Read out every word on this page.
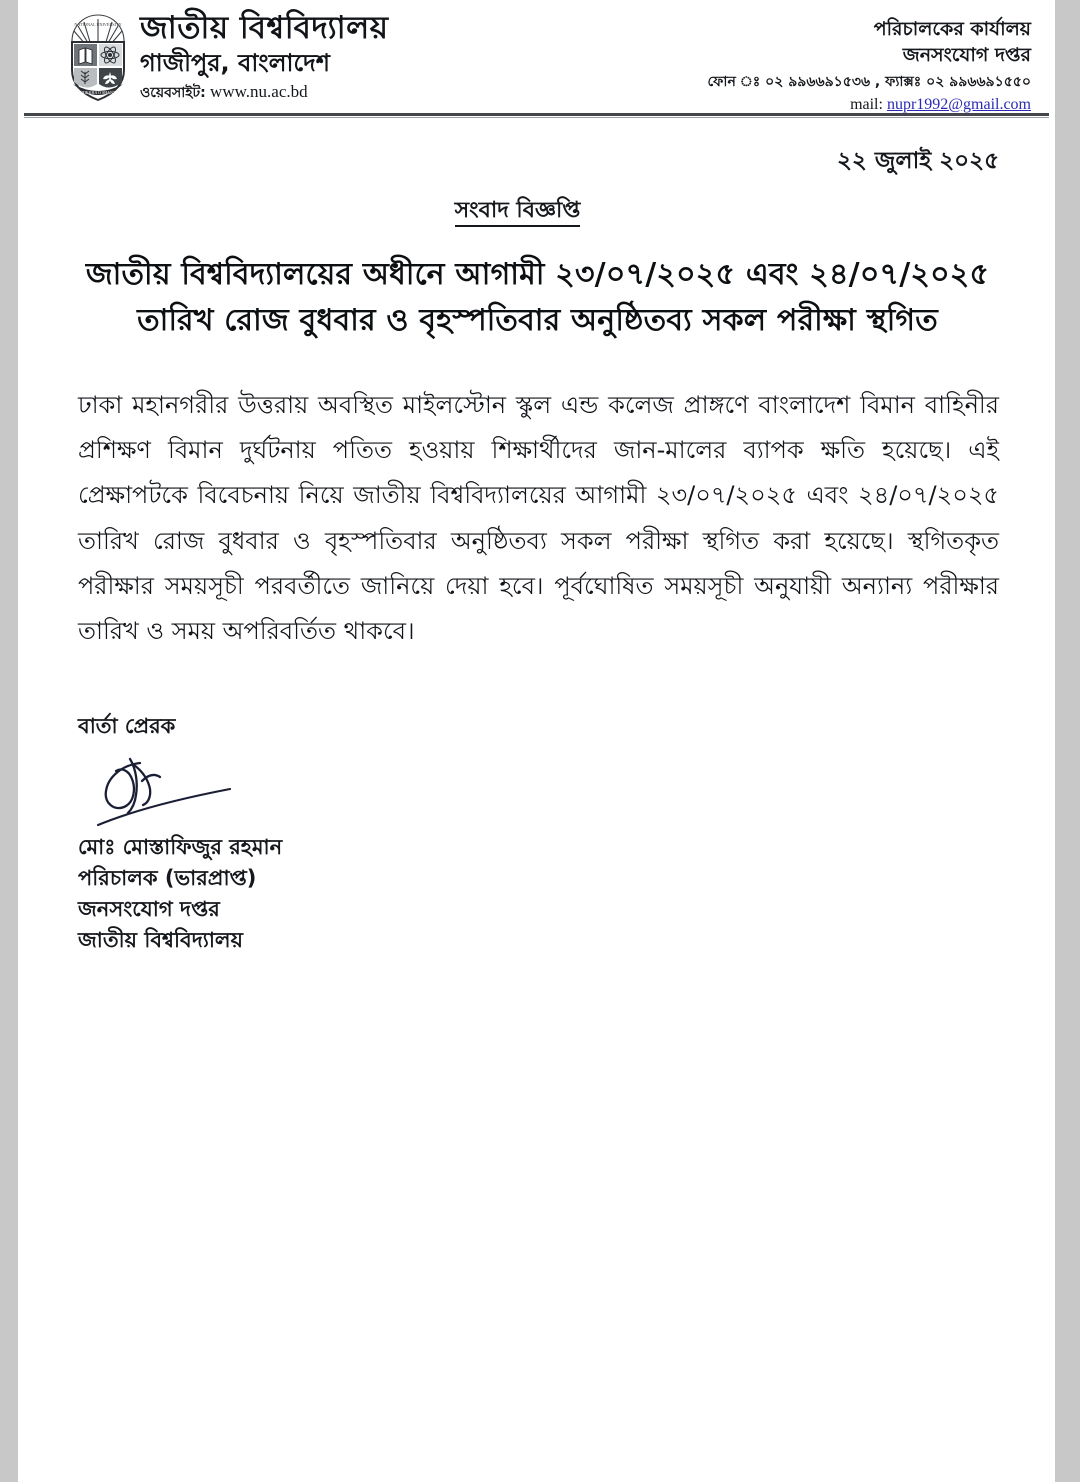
NATIONAL UNIVERSITY
SHIKKHA O SHANTI
জাতীয় বিশ্ববিদ্যালয়
গাজীপুর, বাংলাদেশ
ওয়েবসাইট: www.nu.ac.bd
পরিচালকের কার্যালয়
জনসংযোগ দপ্তর
ফোন ঃ ০২ ৯৯৬৬৯১৫৩৬ , ফ্যাক্সঃ ০২ ৯৯৬৬৯১৫৫০
mail: nupr1992@gmail.com
২২ জুলাই ২০২৫
সংবাদ বিজ্ঞপ্তি
জাতীয় বিশ্ববিদ্যালয়ের অধীনে আগামী ২৩/০৭/২০২৫ এবং ২৪/০৭/২০২৫ তারিখ রোজ বুধবার ও বৃহস্পতিবার অনুষ্ঠিতব্য সকল পরীক্ষা স্থগিত
ঢাকা মহানগরীর উত্তরায় অবস্থিত মাইলস্টোন স্কুল এন্ড কলেজ প্রাঙ্গণে বাংলাদেশ বিমান বাহিনীর প্রশিক্ষণ বিমান দুর্ঘটনায় পতিত হওয়ায় শিক্ষার্থীদের জান-মালের ব্যাপক ক্ষতি হয়েছে। এই প্রেক্ষাপটকে বিবেচনায় নিয়ে জাতীয় বিশ্ববিদ্যালয়ের আগামী ২৩/০৭/২০২৫ এবং ২৪/০৭/২০২৫ তারিখ রোজ বুধবার ও বৃহস্পতিবার অনুষ্ঠিতব্য সকল পরীক্ষা স্থগিত করা হয়েছে। স্থগিতকৃত পরীক্ষার সময়সূচী পরবর্তীতে জানিয়ে দেয়া হবে। পূর্বঘোষিত সময়সূচী অনুযায়ী অন্যান্য পরীক্ষার তারিখ ও সময় অপরিবর্তিত থাকবে।
বার্তা প্রেরক
মোঃ মোস্তাফিজুর রহমান
পরিচালক (ভারপ্রাপ্ত)
জনসংযোগ দপ্তর
জাতীয় বিশ্ববিদ্যালয়
